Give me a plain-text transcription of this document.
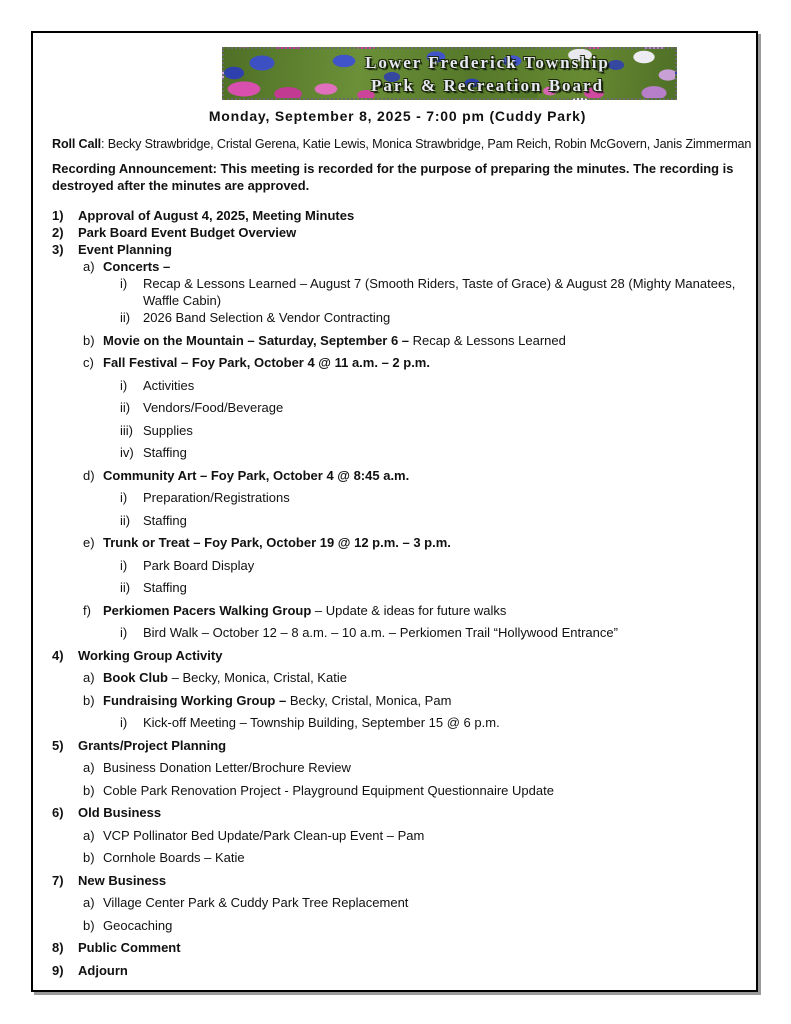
Lower Frederick Township
Park & Recreation Board
Monday, September 8, 2025 - 7:00 pm (Cuddy Park)

Roll Call: Becky Strawbridge, Cristal Gerena, Katie Lewis, Monica Strawbridge, Pam Reich, Robin McGovern, Janis Zimmerman

Recording Announcement: This meeting is recorded for the purpose of preparing the minutes. The recording is destroyed after the minutes are approved.

1)	Approval of August 4, 2025, Meeting Minutes
2)	Park Board Event Budget Overview
3)	Event Planning
a) Concerts –
i)	Recap & Lessons Learned – August 7 (Smooth Riders, Taste of Grace) & August 28 (Mighty Manatees, Waffle Cabin)
ii) 2026 Band Selection & Vendor Contracting
b) Movie on the Mountain – Saturday, September 6 – Recap & Lessons Learned
c) Fall Festival – Foy Park, October 4 @ 11 a.m. – 2 p.m.
i)	Activities
ii) Vendors/Food/Beverage
iii) Supplies
iv) Staffing
d) Community Art – Foy Park, October 4 @ 8:45 a.m.
i)	Preparation/Registrations
ii) Staffing
e) Trunk or Treat – Foy Park, October 19 @ 12 p.m. – 3 p.m.
i)	Park Board Display
ii) Staffing
f) Perkiomen Pacers Walking Group – Update & ideas for future walks
i)	Bird Walk – October 12 – 8 a.m. – 10 a.m. – Perkiomen Trail “Hollywood Entrance”
4)	Working Group Activity
a) Book Club – Becky, Monica, Cristal, Katie
b) Fundraising Working Group – Becky, Cristal, Monica, Pam
i)	Kick-off Meeting – Township Building, September 15 @ 6 p.m.
5)	Grants/Project Planning
a) Business Donation Letter/Brochure Review
b) Coble Park Renovation Project - Playground Equipment Questionnaire Update
6)	Old Business
a) VCP Pollinator Bed Update/Park Clean-up Event – Pam
b) Cornhole Boards – Katie
7)	New Business
a) Village Center Park & Cuddy Park Tree Replacement
b) Geocaching
8)	Public Comment
9)	Adjourn
